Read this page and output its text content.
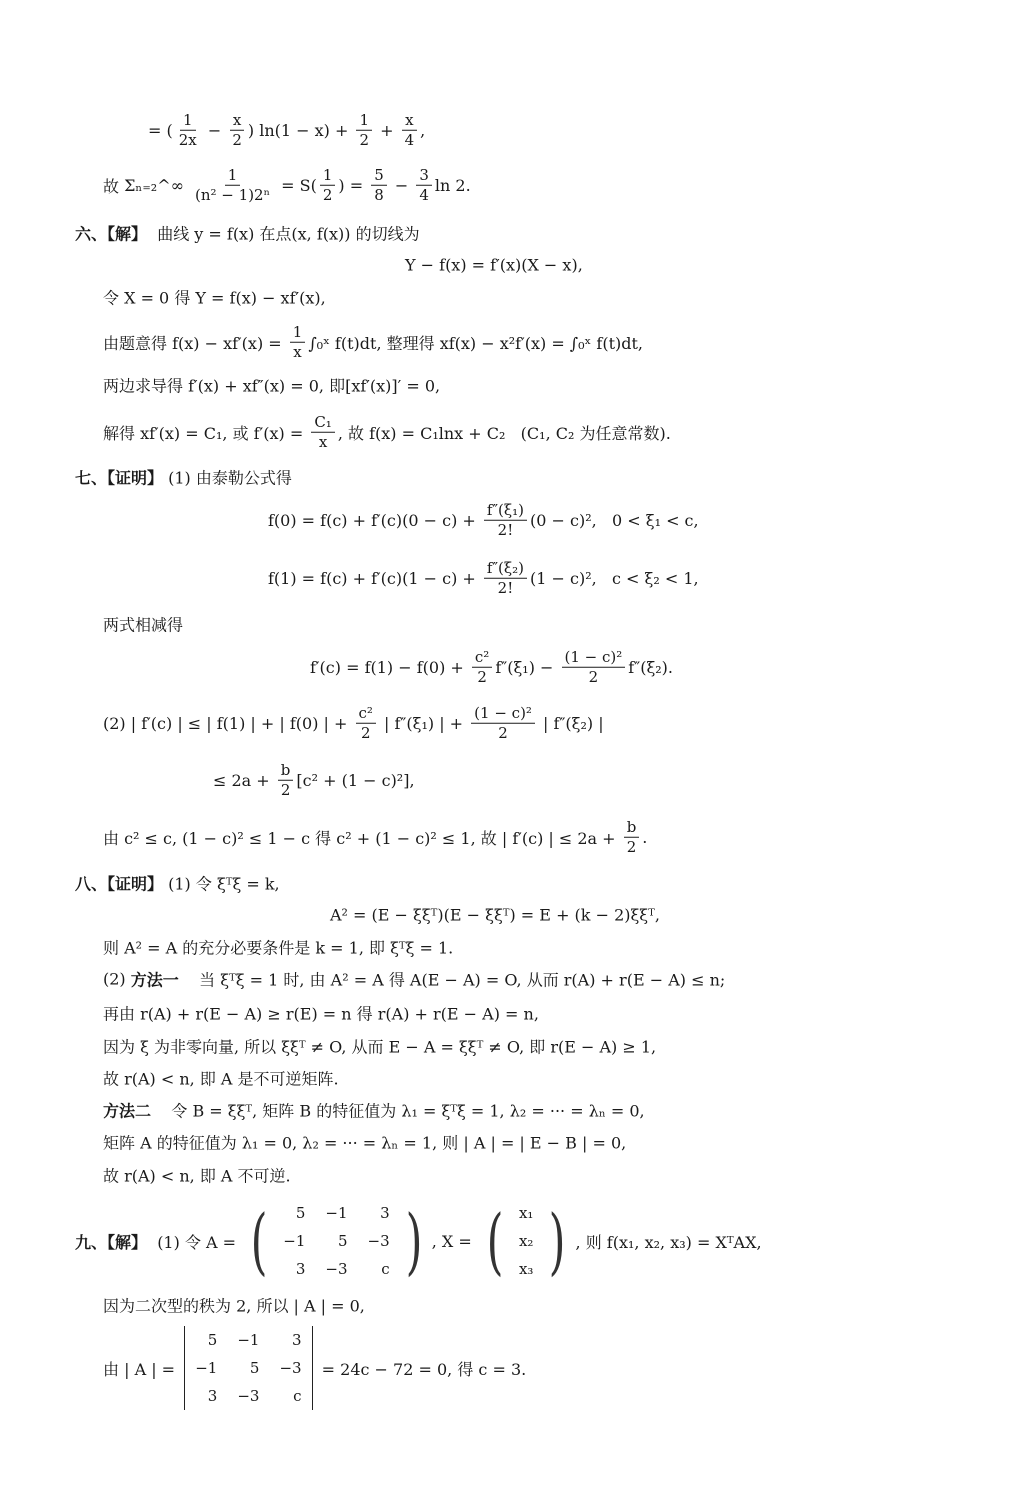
= ( $\frac{1}{2x} - \frac{x}{2}$ ) $\ln(1 - x) + \frac{1}{2} + \frac{x}{4}$ ,
故 Σ ₙ₌₂^∞ $\frac{1}{\text{(n² − 1)2ⁿ}} = S( \frac{1}{2}$ ) = $\frac{5}{8} - \frac{3}{4}$ ln 2.
六、【解】 曲线 y = f(x) 在点(x, f(x)) 的切线为
Y − f(x) = f′(x)(X − x),
令 X = 0 得 Y = f(x) − xf′(x),
由题意得 $f(x) - xf'(x) = \frac{1}{x}$ ∫₀ˣ f(t)dt, 整理得 xf(x) − x²f′(x) = ∫₀ˣ f(t)dt,
两边求导得 f′(x) + xf″(x) = 0, 即[xf′(x)]′ = 0,
解得 xf′(x) = C₁, 或 $f'(x) = \frac{\text{C₁}}{x}$ , 故 f(x) = C₁lnx + C₂   (C₁, C₂ 为任意常数).
七、【证明】 (1) 由泰勒公式得
$f(0) = f(c) + f'(c)(0 - c) + \frac{\text{f″(ξ₁)}}{2!} (0 - c)^2$,   0 < ξ₁ < c,
$f(1) = f(c) + f'(c)(1 - c) + \frac{\text{f″(ξ₂)}}{2!} (1 - c)^2$,   c < ξ₂ < 1,
两式相减得
$f'(c) = f(1) - f(0) + \frac{\text{c²}}{2} f''(\xi_1) - \frac{\text{(1 − c)²}}{2} f''(\xi_2)$.
(2) | f′(c) | ≤ | f(1) | + | f(0) | + $\frac{\text{c²}}{2}$ | f″(ξ₁) | + $\frac{\text{(1 − c)²}}{2}$ | f″(ξ₂) |
≤ $2a + \frac{b}{2} [c^2 + (1 - c)^2]$,
由 c² ≤ c, (1 − c)² ≤ 1 − c 得 c² + (1 − c)² ≤ 1, 故 | f′(c) | ≤ $2a + \frac{b}{2}$ .
八、【证明】 (1) 令 ξᵀξ = k,
A² = (E − ξξᵀ)(E − ξξᵀ) = E + (k − 2)ξξᵀ,
则 A² = A 的充分必要条件是 k = 1, 即 ξᵀξ = 1.
(2) 方法一 当 ξᵀξ = 1 时, 由 A² = A 得 A(E − A) = O, 从而 r(A) + r(E − A) ≤ n;
再由 r(A) + r(E − A) ≥ r(E) = n 得 r(A) + r(E − A) = n,
因为 ξ 为非零向量, 所以 ξξᵀ ≠ O, 从而 E − A = ξξᵀ ≠ O, 即 r(E − A) ≥ 1,
故 r(A) < n, 即 A 是不可逆矩阵.
方法二 令 B = ξξᵀ, 矩阵 B 的特征值为 λ₁ = ξᵀξ = 1, λ₂ = ··· = λₙ = 0,
矩阵 A 的特征值为 λ₁ = 0, λ₂ = ··· = λₙ = 1, 则 | A | = | E − B | = 0,
故 r(A) < n, 即 A 不可逆.
九、【解】 (1) 令 A = ( 5	−1	3
−1	5	−3
3	−3	c ) , X = ( x₁
x₂
x₃ ) , 则 f(x₁, x₂, x₃) = XᵀAX,
因为二次型的秩为 2, 所以 | A | = 0,
由 | A | =
5	−1	3
−1	5	−3
3	−3	c
= 24c − 72 = 0, 得 c = 3.
